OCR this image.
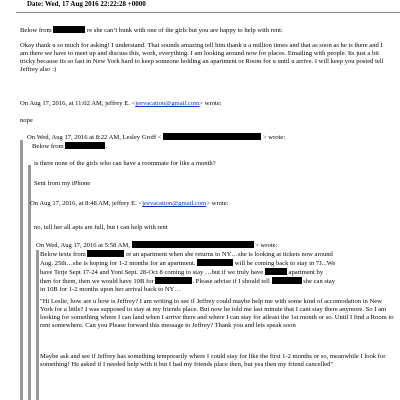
Date: Wed, 17 Aug 2016 22:22:28 +0000
Below from	re she can’t bunk with one of the girls but you are happy to help with rent:

Okay thank u so much for asking! I understand. That sounds amazing tell him thank u a million times and that as soon as he is there and I am there we have to meet up and discuss this, work, everything. I am looking around now for places. Emailing with people. Its just a bit tricky because its so fast in New York hard to keep someone holding an apartment or Room for u until u arrive. I will keep you posted tell Jeffrey also :)

On Aug 17, 2016, at 11:02 AM, jeffrey E. <jeevacation@gmail.com> wrote:
nope
On Wed, Aug 17, 2016 at 8:22 AM, Lesley Groff <	> wrote:
Below from	.
is there none of the girls who can have a roommate for like a month?
Sent from my iPhone
On Aug 17, 2016, at 8:48 AM, jeffrey E. <jeevacation@gmail.com> wrote:
no, tell her all apts are full, but i can help with rent
On Wed, Aug 17, 2016 at 5:58 AM,	> wrote:
Below texts from	re an apartment when she returns to NY…she is looking at tickets now around
Aug. 25th…she is hoping for 1-2 months for an apartment.	will be coming back to stay in 7J...We
have Terje Sept 17-24 and Yoni Sept. 28-Oct 8 coming to stay …but if we truly have	apartment by
then for them, then we would have 10B for	. Please advise if I should tell	she can stay
in 10B for 1-2 months upon her arrival back to NY…

"Hi Leslie, how are u how is Jeffrey? I am writing to see if Jeffrey could maybe help me with some kind of accomodation in New York for a little? I was supposed to stay at my friends place. But now he told me last minute that I cant stay there anymore. So I am looking for something where I can land when I arrive there and where I can stay for atleast the 1st month or so. Until I find a Room to rent somewhere. Can you Please forward this message to Jeffrey? Thank you and lets speak soon

Maybe ask and see if Jeffrey has something temporarily where I could stay for like the first 1-2 months or so, meanwhile I look for something! He asked if I needed help with it but I had my friends place then, but yea then my friend cancelled"
